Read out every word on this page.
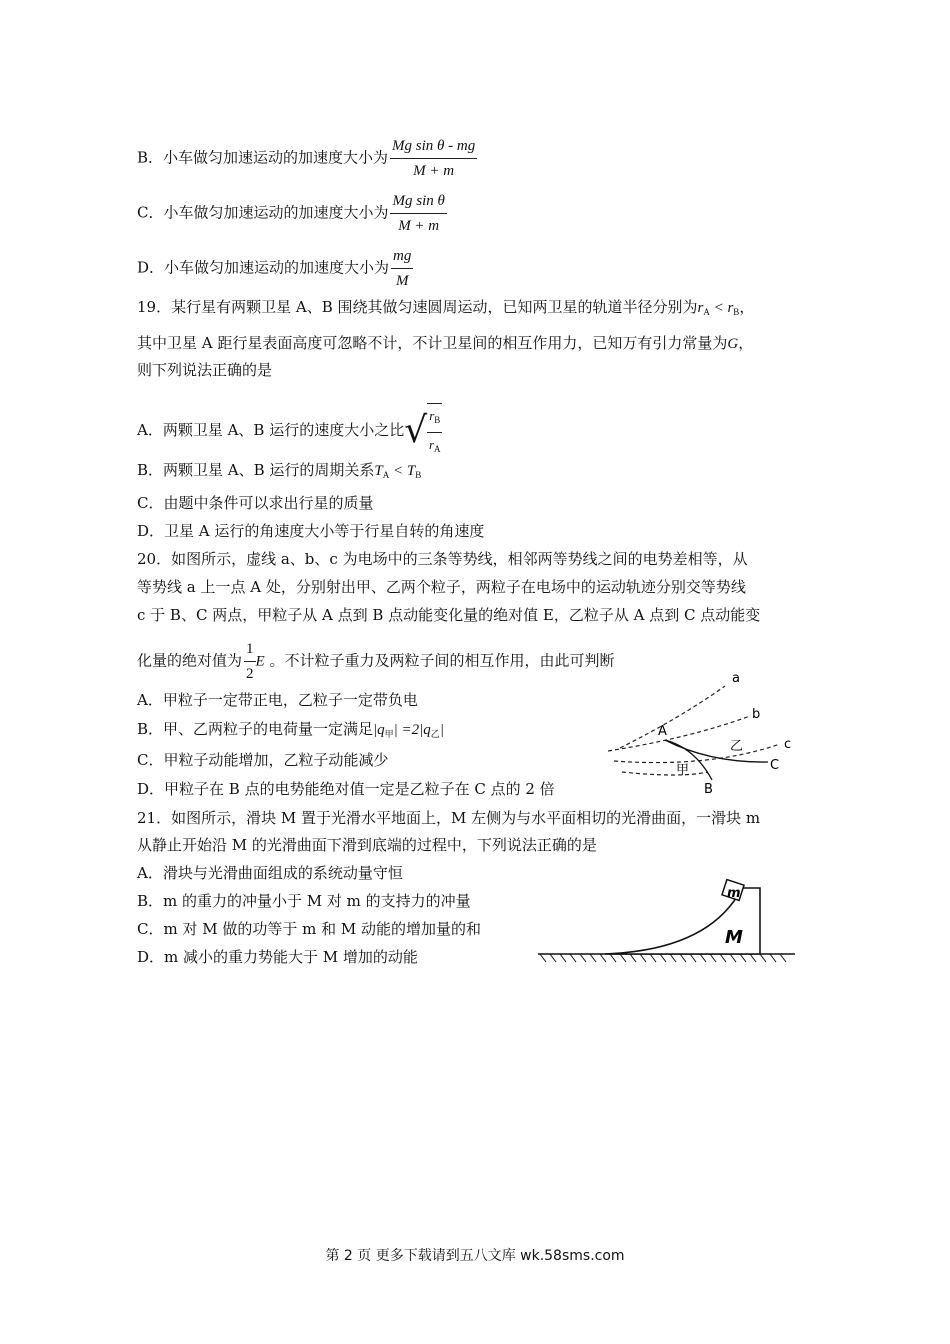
B．小车做匀加速运动的加速度大小为 $\frac{\text{Mg sin θ - mg}}{M + m}$
C．小车做匀加速运动的加速度大小为 $\frac{\text{Mg sin θ}}{M + m}$
D．小车做匀加速运动的加速度大小为 $\frac{mg}{M}$
19．某行星有两颗卫星 A、B 围绕其做匀速圆周运动，已知两卫星的轨道半径分别为$r_A < r_B$，
其中卫星 A 距行星表面高度可忽略不计，不计卫星间的相互作用力，已知万有引力常量为G，
则下列说法正确的是
A．两颗卫星 A、B 运行的速度大小之比 √ $\frac{r_B}{r_A}$
B．两颗卫星 A、B 运行的周期关系$T_A < T_B$
C．由题中条件可以求出行星的质量
D．卫星 A 运行的角速度大小等于行星自转的角速度
20．如图所示，虚线 a、b、c 为电场中的三条等势线，相邻两等势线之间的电势差相等，从
等势线 a 上一点 A 处，分别射出甲、乙两个粒子，两粒子在电场中的运动轨迹分别交等势线
c 于 B、C 两点，甲粒子从 A 点到 B 点动能变化量的绝对值 E，乙粒子从 A 点到 C 点动能变
化量的绝对值为 $\frac{1}{2}$ E 。不计粒子重力及两粒子间的相互作用，由此可判断
A．甲粒子一定带正电，乙粒子一定带负电
B．甲、乙两粒子的电荷量一定满足$|q_甲| =2|q_乙|$
C．甲粒子动能增加，乙粒子动能减少
D．甲粒子在 B 点的电势能绝对值一定是乙粒子在 C 点的 2 倍
a
b
c
A
B
C
乙
甲
21．如图所示，滑块 M 置于光滑水平地面上，M 左侧为与水平面相切的光滑曲面，一滑块 m
从静止开始沿 M 的光滑曲面下滑到底端的过程中，下列说法正确的是
A．滑块与光滑曲面组成的系统动量守恒
B．m 的重力的冲量小于 M 对 m 的支持力的冲量
C．m 对 M 做的功等于 m 和 M 动能的增加量的和
D．m 减小的重力势能大于 M 增加的动能
m
M
第 2 页 更多下载请到五八文库 wk.58sms.com
